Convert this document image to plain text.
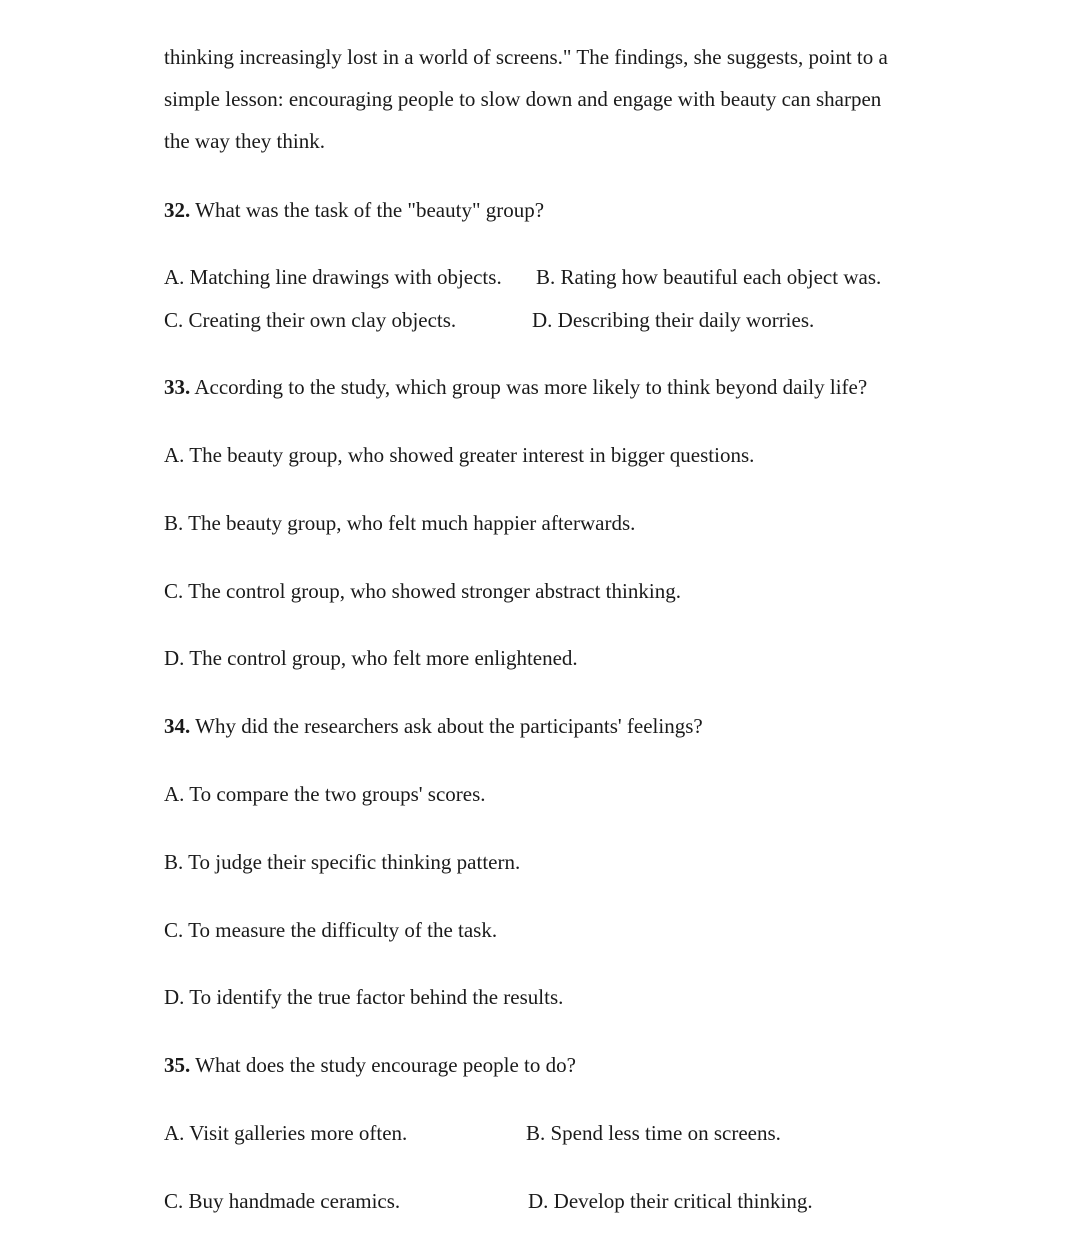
thinking increasingly lost in a world of screens." The findings, she suggests, point to a
simple lesson: encouraging people to slow down and engage with beauty can sharpen
the way they think.
32. What was the task of the "beauty" group?
A. Matching line drawings with objects. B. Rating how beautiful each object was.
C. Creating their own clay objects.	D. Describing their daily worries.
33. According to the study, which group was more likely to think beyond daily life?
A. The beauty group, who showed greater interest in bigger questions.
B. The beauty group, who felt much happier afterwards.
C. The control group, who showed stronger abstract thinking.
D. The control group, who felt more enlightened.
34. Why did the researchers ask about the participants' feelings?
A. To compare the two groups' scores.
B. To judge their specific thinking pattern.
C. To measure the difficulty of the task.
D. To identify the true factor behind the results.
35. What does the study encourage people to do?
A. Visit galleries more often.	B. Spend less time on screens.
C. Buy handmade ceramics.	D. Develop their critical thinking.
